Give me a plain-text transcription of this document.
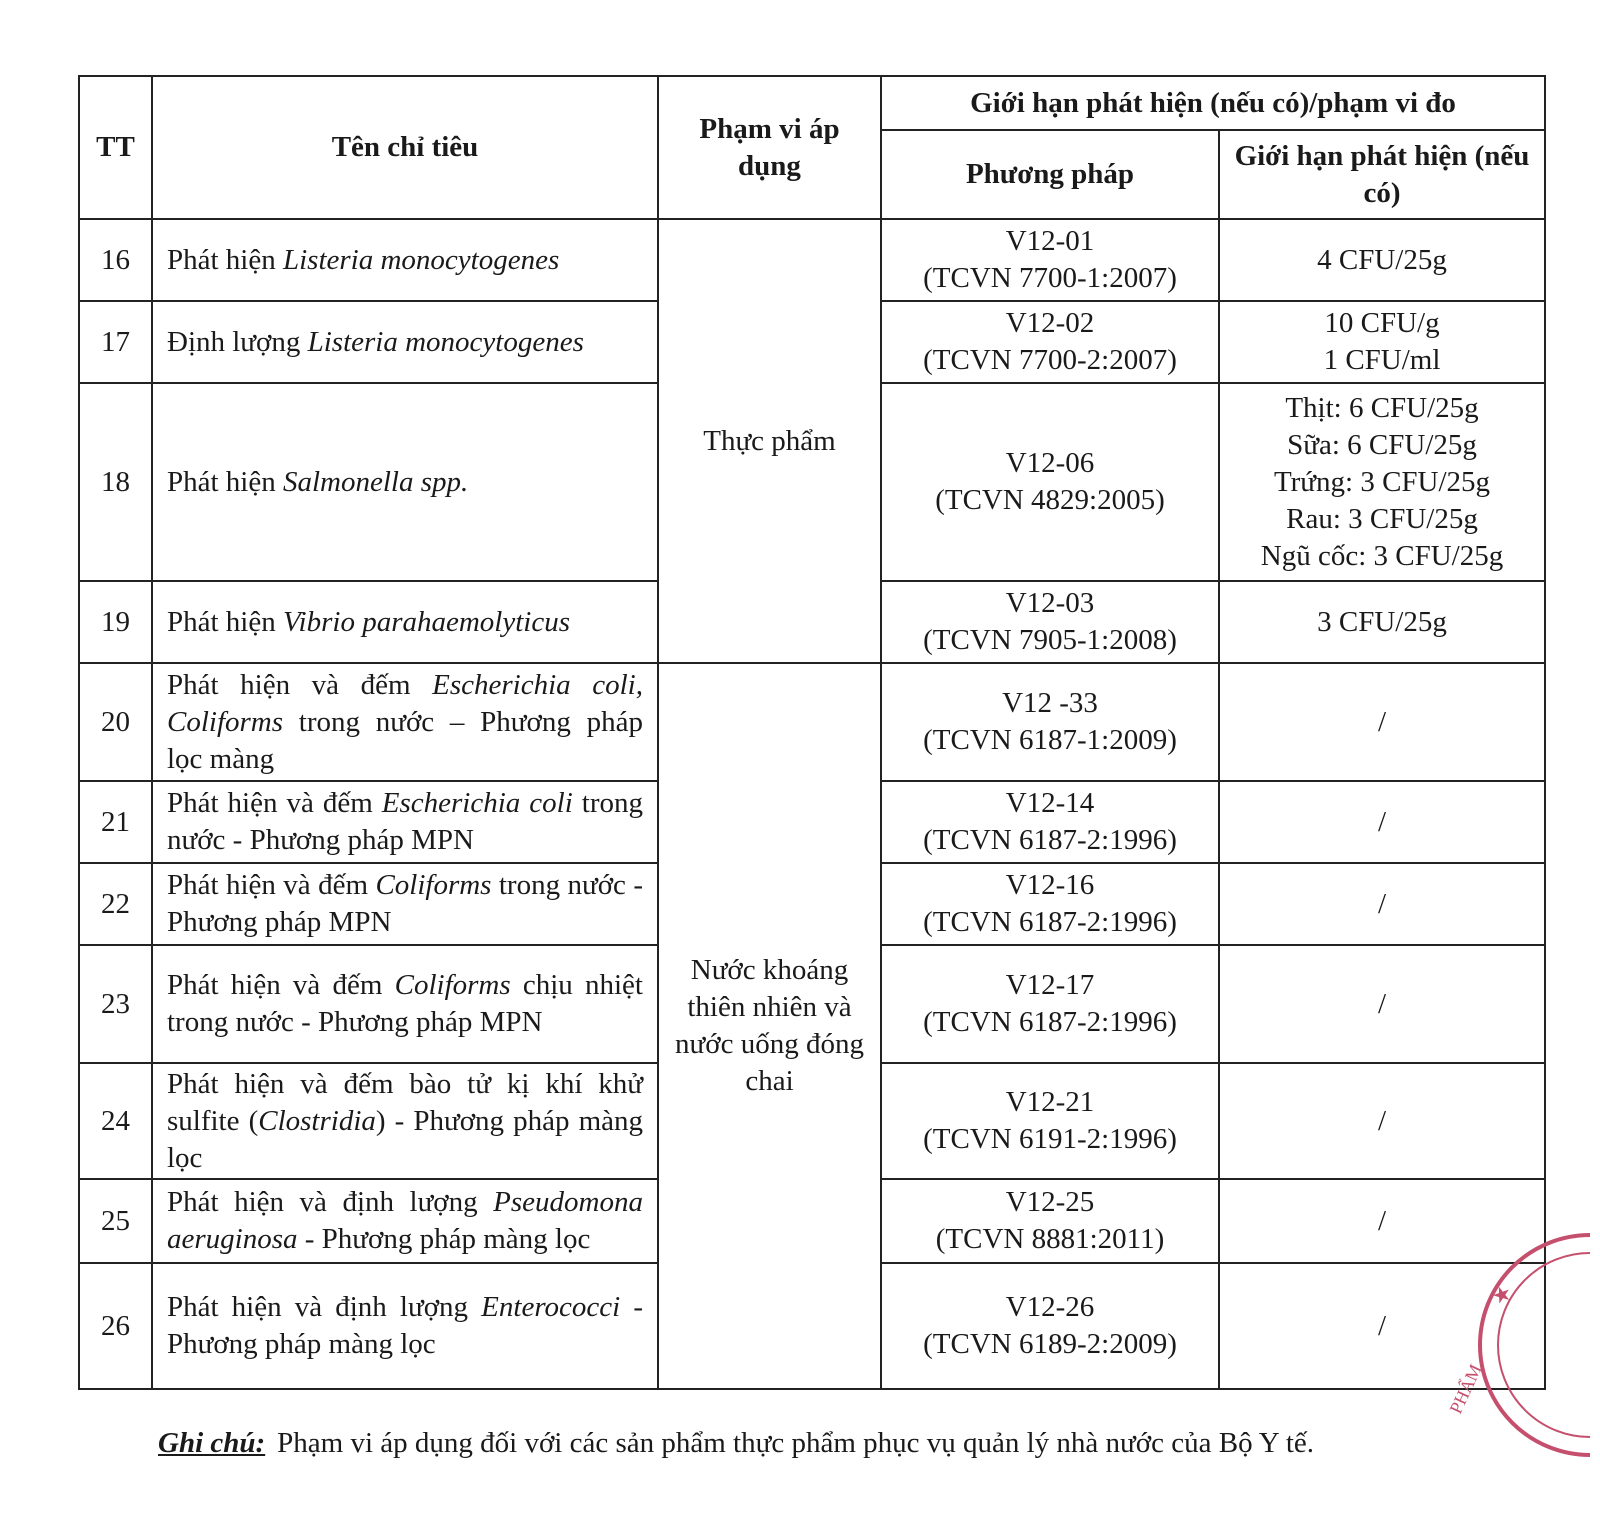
TT	Tên chỉ tiêu	Phạm vi áp dụng	Giới hạn phát hiện (nếu có)/phạm vi đo	
			Phương pháp	Giới hạn phát hiện (nếu có)
16	Phát hiện Listeria monocytogenes	Thực phẩm	V12-01
(TCVN 7700-1:2007)	4 CFU/25g

17	Định lượng Listeria monocytogenes		V12-02
(TCVN 7700-2:2007)	10 CFU/g
1 CFU/ml

18	Phát hiện Salmonella spp.		V12-06
(TCVN 4829:2005)	Thịt: 6 CFU/25g
Sữa: 6 CFU/25g
Trứng: 3 CFU/25g
Rau: 3 CFU/25g
Ngũ cốc: 3 CFU/25g

19	Phát hiện Vibrio parahaemolyticus		V12-03
(TCVN 7905-1:2008)	3 CFU/25g

20	Phát hiện và đếm Escherichia coli, Coliforms trong nước – Phương pháp lọc màng	Nước khoáng thiên nhiên và nước uống đóng chai	V12 -33
(TCVN 6187-1:2009)	/

21	Phát hiện và đếm Escherichia coli trong nước - Phương pháp MPN		V12-14
(TCVN 6187-2:1996)	/

22	Phát hiện và đếm Coliforms trong nước - Phương pháp MPN		V12-16
(TCVN 6187-2:1996)	/

23	Phát hiện và đếm Coliforms chịu nhiệt trong nước - Phương pháp MPN		V12-17
(TCVN 6187-2:1996)	/

24	Phát hiện và đếm bào tử kị khí khử sulfite (Clostridia) - Phương pháp màng lọc		V12-21
(TCVN 6191-2:1996)	/

25	Phát hiện và định lượng Pseudomona aeruginosa - Phương pháp màng lọc		V12-25
(TCVN 8881:2011)	/

26	Phát hiện và định lượng Enterococci - Phương pháp màng lọc		V12-26
(TCVN 6189-2:2009)	/
Ghi chú: Phạm vi áp dụng đối với các sản phẩm thực phẩm phục vụ quản lý nhà nước của Bộ Y tế.
★
PHẨM
